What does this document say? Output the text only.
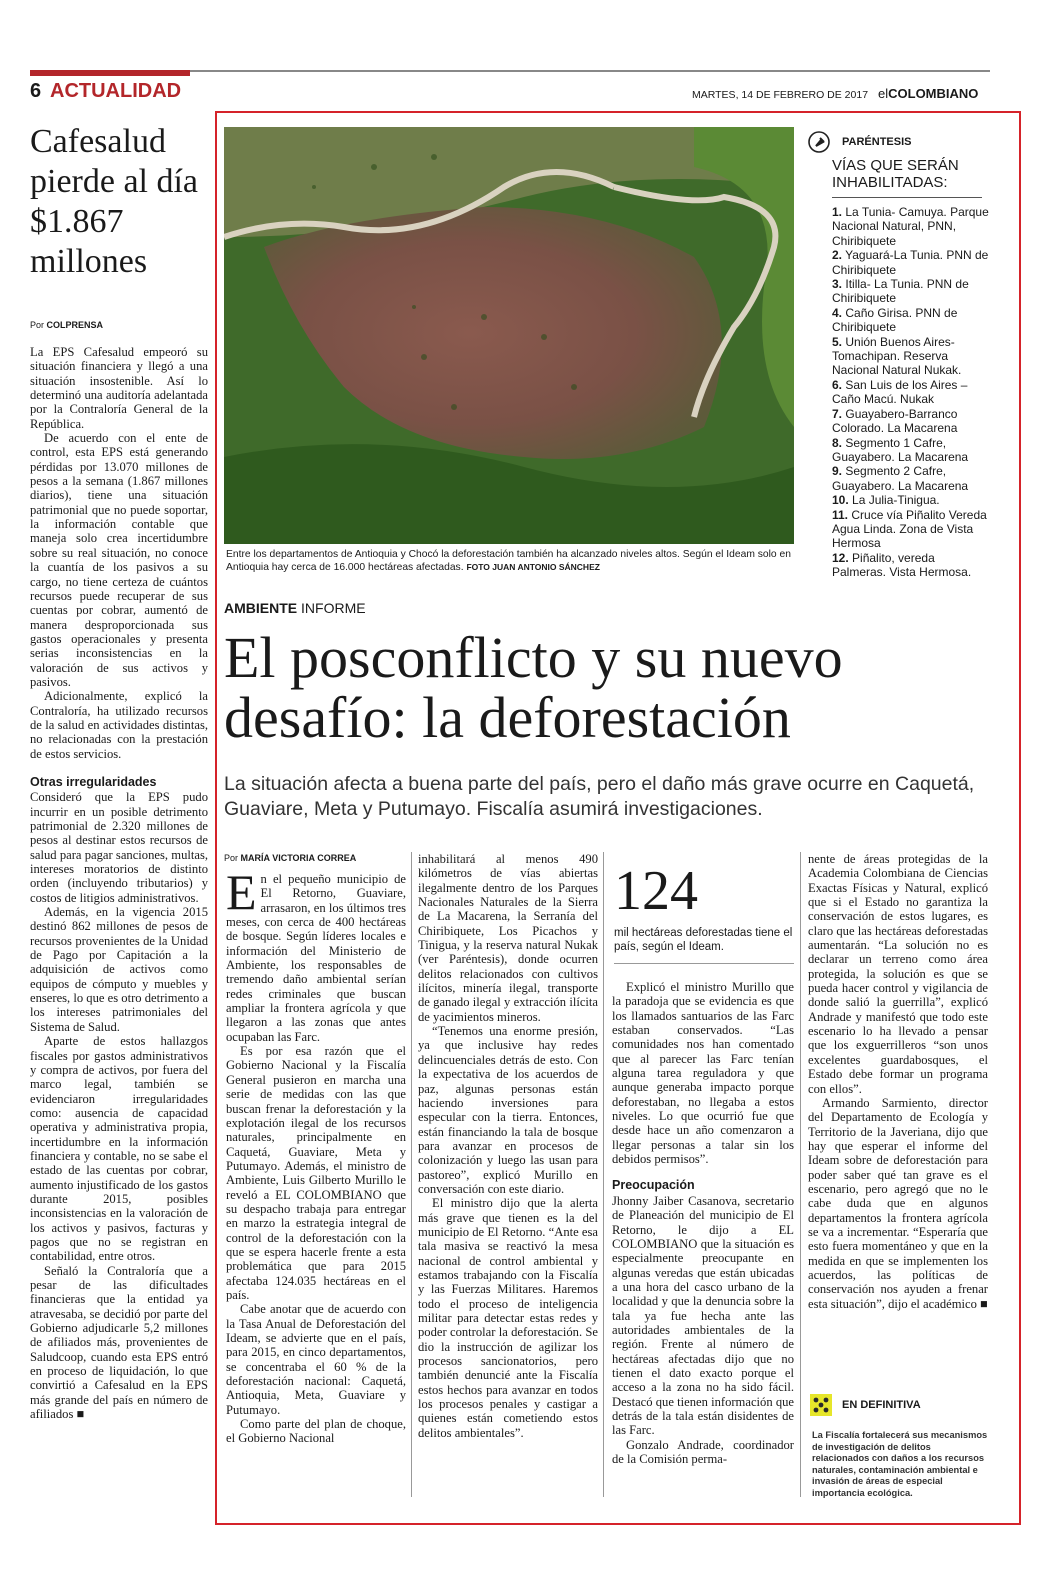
6 ACTUALIDAD	MARTES, 14 DE FEBRERO DE 2017 elCOLOMBIANO
Cafesalud pierde al día $1.867 millones
Por COLPRENSA

La EPS Cafesalud empeoró su situación financiera y llegó a una situación insostenible. Así lo determinó una auditoría adelantada por la Contraloría General de la República.

De acuerdo con el ente de control, esta EPS está generando pérdidas por 13.070 millones de pesos a la semana (1.867 millones diarios), tiene una situación patrimonial que no puede soportar, la información contable que maneja solo crea incertidumbre sobre su real situación, no conoce la cuantía de los pasivos a su cargo, no tiene certeza de cuántos recursos puede recuperar de sus cuentas por cobrar, aumentó de manera desproporcionada sus gastos operacionales y presenta serias inconsistencias en la valoración de sus activos y pasivos.

Adicionalmente, explicó la Contraloría, ha utilizado recursos de la salud en actividades distintas, no relacionadas con la prestación de estos servicios.

Otras irregularidades

Consideró que la EPS pudo incurrir en un posible detrimento patrimonial de 2.320 millones de pesos al destinar estos recursos de salud para pagar sanciones, multas, intereses moratorios de distinto orden (incluyendo tributarios) y costos de litigios administrativos.

Además, en la vigencia 2015 destinó 862 millones de pesos de recursos provenientes de la Unidad de Pago por Capitación a la adquisición de activos como equipos de cómputo y muebles y enseres, lo que es otro detrimento a los intereses patrimoniales del Sistema de Salud.

Aparte de estos hallazgos fiscales por gastos administrativos y compra de activos, por fuera del marco legal, también se evidenciaron irregularidades como: ausencia de capacidad operativa y administrativa propia, incertidumbre en la información financiera y contable, no se sabe el estado de las cuentas por cobrar, aumento injustificado de los gastos durante 2015, posibles inconsistencias en la valoración de los activos y pasivos, facturas y pagos que no se registran en contabilidad, entre otros.

Señaló la Contraloría que a pesar de las dificultades financieras que la entidad ya atravesaba, se decidió por parte del Gobierno adjudicarle 5,2 millones de afiliados más, provenientes de Saludcoop, cuando esta EPS entró en proceso de liquidación, lo que convirtió a Cafesalud en la EPS más grande del país en número de afiliados ■

Entre los departamentos de Antioquia y Chocó la deforestación también ha alcanzado niveles altos. Según el Ideam solo en Antioquia hay cerca de 16.000 hectáreas afectadas. FOTO JUAN ANTONIO SÁNCHEZ
PARÉNTESIS
VÍAS QUE SERÁN INHABILITADAS:
1. La Tunia- Camuya. Parque Nacional Natural, PNN, Chiribiquete
2. Yaguará-La Tunia. PNN de Chiribiquete
3. Itilla- La Tunia. PNN de Chiribiquete
4. Caño Girisa. PNN de Chiribiquete
5. Unión Buenos Aires-Tomachipan. Reserva Nacional Natural Nukak.
6. San Luis de los Aires – Caño Macú. Nukak
7. Guayabero-Barranco Colorado. La Macarena
8. Segmento 1 Cafre, Guayabero. La Macarena
9. Segmento 2 Cafre, Guayabero. La Macarena
10. La Julia-Tinigua.
11. Cruce vía Piñalito Vereda Agua Linda. Zona de Vista Hermosa
12. Piñalito, vereda Palmeras. Vista Hermosa.
AMBIENTE INFORME
El posconflicto y su nuevo desafío: la deforestación
La situación afecta a buena parte del país, pero el daño más grave ocurre en Caquetá, Guaviare, Meta y Putumayo. Fiscalía asumirá investigaciones.
Por MARÍA VICTORIA CORREA

En el pequeño municipio de El Retorno, Guaviare, arrasaron, en los últimos tres meses, con cerca de 400 hectáreas de bosque. Según líderes locales e información del Ministerio de Ambiente, los responsables de tremendo daño ambiental serían redes criminales que buscan ampliar la frontera agrícola y que llegaron a las zonas que antes ocupaban las Farc.

Es por esa razón que el Gobierno Nacional y la Fiscalía General pusieron en marcha una serie de medidas con las que buscan frenar la deforestación y la explotación ilegal de los recursos naturales, principalmente en Caquetá, Guaviare, Meta y Putumayo. Además, el ministro de Ambiente, Luis Gilberto Murillo le reveló a EL COLOMBIANO que su despacho trabaja para entregar en marzo la estrategia integral de control de la deforestación con la que se espera hacerle frente a esta problemática que para 2015 afectaba 124.035 hectáreas en el país.

Cabe anotar que de acuerdo con la Tasa Anual de Deforestación del Ideam, se advierte que en el país, para 2015, en cinco departamentos, se concentraba el 60 % de la deforestación nacional: Caquetá, Antioquia, Meta, Guaviare y Putumayo.

Como parte del plan de choque, el Gobierno Nacional

inhabilitará al menos 490 kilómetros de vías abiertas ilegalmente dentro de los Parques Nacionales Naturales de la Sierra de La Macarena, la Serranía del Chiribiquete, Los Picachos y Tinigua, y la reserva natural Nukak (ver Paréntesis), donde ocurren delitos relacionados con cultivos ilícitos, minería ilegal, transporte de ganado ilegal y extracción ilícita de yacimientos mineros.

“Tenemos una enorme presión, ya que inclusive hay redes delincuenciales detrás de esto. Con la expectativa de los acuerdos de paz, algunas personas están haciendo inversiones para especular con la tierra. Entonces, están financiando la tala de bosque para avanzar en procesos de colonización y luego las usan para pastoreo”, explicó Murillo en conversación con este diario.

El ministro dijo que la alerta más grave que tienen es la del municipio de El Retorno. “Ante esa tala masiva se reactivó la mesa nacional de control ambiental y estamos trabajando con la Fiscalía y las Fuerzas Militares. Haremos todo el proceso de inteligencia militar para detectar estas redes y poder controlar la deforestación. Se dio la instrucción de agilizar los procesos sancionatorios, pero también denuncié ante la Fiscalía estos hechos para avanzar en todos los procesos penales y castigar a quienes están cometiendo estos delitos ambientales”.

124
mil hectáreas deforestadas tiene el país, según el Ideam.

Explicó el ministro Murillo que la paradoja que se evidencia es que los llamados santuarios de las Farc estaban conservados. “Las comunidades nos han comentado que al parecer las Farc tenían alguna tarea reguladora y que aunque generaba impacto porque deforestaban, no llegaba a estos niveles. Lo que ocurrió fue que desde hace un año comenzaron a llegar personas a talar sin los debidos permisos”.

Preocupación

Jhonny Jaiber Casanova, secretario de Planeación del municipio de El Retorno, le dijo a EL COLOMBIANO que la situación es especialmente preocupante en algunas veredas que están ubicadas a una hora del casco urbano de la localidad y que la denuncia sobre la tala ya fue hecha ante las autoridades ambientales de la región. Frente al número de hectáreas afectadas dijo que no tienen el dato exacto porque el acceso a la zona no ha sido fácil. Destacó que tienen información que detrás de la tala están disidentes de las Farc.

Gonzalo Andrade, coordinador de la Comisión perma-

nente de áreas protegidas de la Academia Colombiana de Ciencias Exactas Físicas y Natural, explicó que si el Estado no garantiza la conservación de estos lugares, es claro que las hectáreas deforestadas aumentarán. “La solución no es declarar un terreno como área protegida, la solución es que se pueda hacer control y vigilancia de donde salió la guerrilla”, explicó Andrade y manifestó que todo este escenario lo ha llevado a pensar que los exguerrilleros “son unos excelentes guardabosques, el Estado debe formar un programa con ellos”.

Armando Sarmiento, director del Departamento de Ecología y Territorio de la Javeriana, dijo que hay que esperar el informe del Ideam sobre de deforestación para poder saber qué tan grave es el escenario, pero agregó que no le cabe duda que en algunos departamentos la frontera agrícola se va a incrementar. “Esperaría que esto fuera momentáneo y que en la medida en que se implementen los acuerdos, las políticas de conservación nos ayuden a frenar esta situación”, dijo el académico ■

EN DEFINITIVA
La Fiscalía fortalecerá sus mecanismos de investigación de delitos relacionados con daños a los recursos naturales, contaminación ambiental e invasión de áreas de especial importancia ecológica.
